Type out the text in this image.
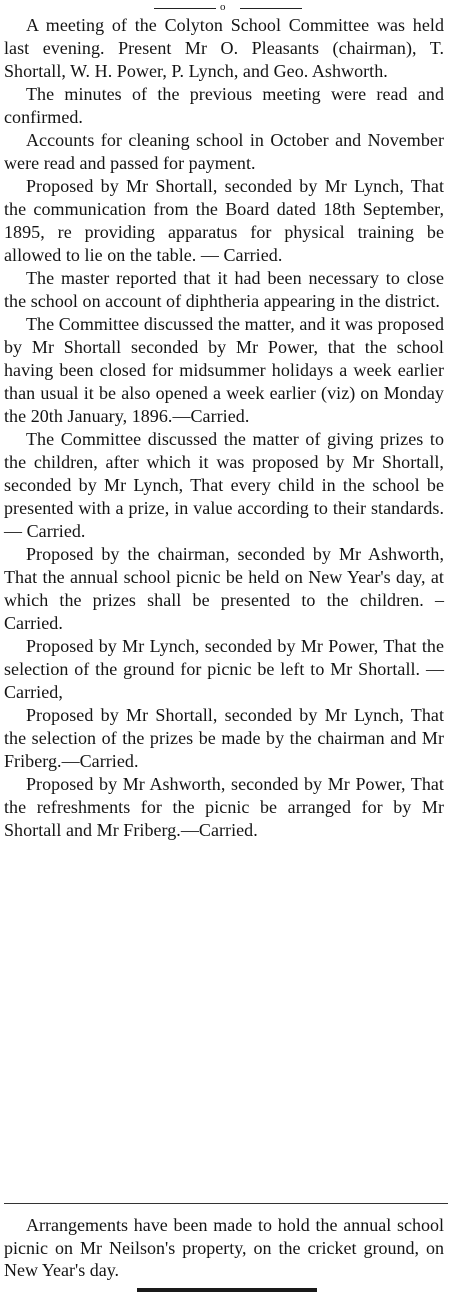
o

A meeting of the Colyton School Committee was held last evening. Present Mr O. Pleasants (chairman), T. Shortall, W. H. Power, P. Lynch, and Geo. Ashworth.

The minutes of the previous meeting were read and confirmed.

Accounts for cleaning school in October and November were read and passed for payment.

Proposed by Mr Shortall, seconded by Mr Lynch, That the communication from the Board dated 18th September, 1895, re providing apparatus for physical training be allowed to lie on the table. — Carried.

The master reported that it had been necessary to close the school on account of diphtheria appearing in the district.

The Committee discussed the matter, and it was proposed by Mr Shortall seconded by Mr Power, that the school having been closed for midsummer holidays a week earlier than usual it be also opened a week earlier (viz) on Monday the 20th January, 1896.—Carried.

The Committee discussed the matter of giving prizes to the children, after which it was proposed by Mr Shortall, seconded by Mr Lynch, That every child in the school be presented with a prize, in value according to their standards.— Carried.

Proposed by the chairman, seconded by Mr Ashworth, That the annual school picnic be held on New Year's day, at which the prizes shall be presented to the children. – Carried.

Proposed by Mr Lynch, seconded by Mr Power, That the selection of the ground for picnic be left to Mr Shortall. —Carried,

Proposed by Mr Shortall, seconded by Mr Lynch, That the selection of the prizes be made by the chairman and Mr Friberg.—Carried.

Proposed by Mr Ashworth, seconded by Mr Power, That the refreshments for the picnic be arranged for by Mr Shortall and Mr Friberg.—Carried.

Arrangements have been made to hold the annual school picnic on Mr Neilson's property, on the cricket ground, on New Year's day.
